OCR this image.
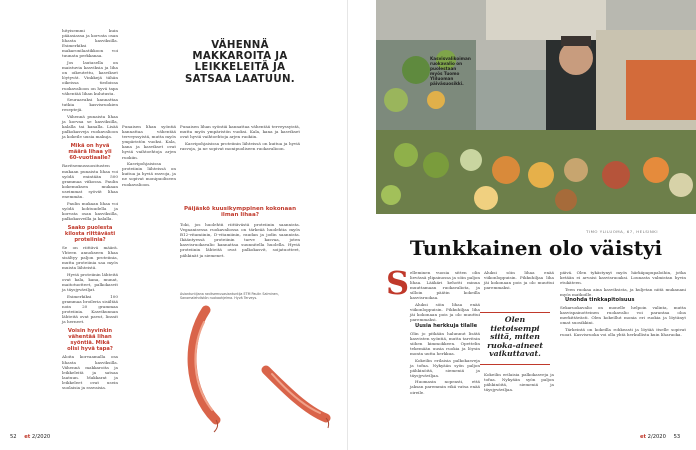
hityisemmi kuin pääasiassa ja korvata osan lihasta kasviksilla. Esimerkiksi makaronilaatikkoon voi tuunata perkkanaa.

Jos lautasella on maistuvia kasviksia ja liha on oikeutettu, kasvikset löytyvät. Vinkkejä tähän oikeissa tiedoissa ruokavalioon on hyvä tapa vähentää lihan kulutusta.

Seuraavaksi kannattaa tutkia kasvisruokien reseptejä.

Vähennä punaista lihaa ja korvaa se kasviksilla, kalalla tai kanalla. Lisää palkokasveja ruokavalioon ja kokeile uusia makuja.

Mikä on hyvä määrä lihaa yli 60-vuotiaalle?

Ravitsemussuositusten mukaan punaista lihaa voi syödä enintään 500 grammaa viikossa. Paulin kokemuksen mukaan useimmat syövät lihaa enemmän.

Paulin mukaan lihaa voi syödä kohtuudella ja korvata osan kasviksilla, palkokasveilla ja kalalla.

Saako puolesta kilosta riittävästi proteiinia?

Se on riittävä määrä. Yhteen annokseen lihaa sisältyy paljon proteiinia, mutta proteiinia saa myös muista lähteistä.

Hyviä proteiinin lähteitä ovat kala, kana, munat, maitotuotteet, palkokasvit ja täysjyväviljat.

Esimerkiksi 100 grammaa broileria sisältää noin 20 grammaa proteiinia. Kasvikunnan lähteitä ovat pavut, linssit ja herneet.

Voisin hyvinkin vähentää lihan syöntiä. Mikä olisi hyvä tapa?

Aloita korvaamalla osa lihasta kasviksilla. Vähennä makkaroita ja leikkeleitä ja satsaa laatuun. Makkarat ja leikkeleet ovat usein suolaisia ja rasvaisia.

Punaisen lihan syöntiä kannattaa vähentää terveyssyistä, mutta myös ympäristön vuoksi. Kala, kana ja kasvikset ovat hyviä vaihtoehtoja arjen ruokiin.

Kasvipohjaisissa proteiinin lähteissä on kuitua ja hyviä rasvoja, ja ne sopivat monipuoliseen ruokavalioon.

VÄHENNÄ MAKKAROITA JA LEIKKELEITÄ JA SATSAA LAATUUN.

Punaisen lihan syöntiä kannattaa vähentää terveyssyistä, mutta myös ympäristön vuoksi. Kala, kana ja kasvikset ovat hyviä vaihtoehtoja arjen ruokiin.

Kasvipohjaisissa proteiinin lähteissä on kuitua ja hyviä rasvoja, ja ne sopivat monipuoliseen ruokavalioon.

Päijäskö kuusikymppinen kokonaan ilman lihaa?
Toki, jos huolehtii riittävästä proteiinin saannista. Vegaanisessa ruokavaliossa on tärkeää huolehtia myös B12-vitamiinin, D-vitamiinin, raudan ja jodin saannista. Ikääntyessä proteiinin tarve kasvaa, joten kasvisruokavalio kannattaa suunnitella huolella. Hyviä proteiinin lähteitä ovat palkokasvit, soijatuotteet, pähkinät ja siemenet.
Asiantuntijana ravitsemusasiantuntija ETM Paulin Salminen, Sanomalehdistön ruokaohjelma. Hyvä Terveys.
52 et 2/2020
Kasvisvalikoiman ruokavalio on puolestaan myös Tuomo Yliluoman päiväsuosikki.
TIMO YLILUOMA, 67, HELSINKI
Tunkkainen olo väistyi
S elleminen vuosia sitten olin lievässä ylipainossa ja söin paljon lihaa. Lääkäri kehotti minua muuttamaan ruokavaliota, ja silloin päätin kokeilla kasvisruokaa.

Aluksi söin lihaa enää viikonloppuisin. Pikkuhiljaa liha jäi kokonaan pois ja olo muuttui paremmaksi.

Uusia herkkuja tilalle

Olin jo pitkään halunnut lisätä kasvisten syöntiä, mutta tarvitsin siihen kimmokkeen. Opettelin tekemään uusia ruokia ja löysin monta uutta herkkua.

Kokeilin erilaisia palkokasveja ja tofua. Nykyään syön paljon pähkinöitä, siemeniä ja täysjyväviljaa.

Huomasin nopeasti, että jaksan paremmin eikä vatsa enää oireile.

Aluksi söin lihaa enää viikonloppuisin. Pikkuhiljaa liha jäi kokonaan pois ja olo muuttui paremmaksi.

Olen tietoisempi siitä, miten ruoka-aineet vaikuttavat.

Kokeilin erilaisia palkokasveja ja tofua. Nykyään syön paljon pähkinöitä, siemeniä ja täysjyväviljaa.

päivä. Olen tykästynyt myös härkäpapupaloihin, jotka ketään ei arvaisi kasvisruoaksi. Lounasta valmistan hyvin etukäteen.

Teen ruokaa aina kasviksista, ja kuljetan niitä mukanani myös matkoille.

Unohda tinkkapitoisuus

Sekaruokavalio on monelle helpoin valinta, mutta kasvispainotteinen ruokavalio voi parantaa oloa merkittävästi. Olen kokeillut monia eri ruokia ja löytänyt omat suosikkini.

Tärkeintä on kokeilla rohkeasti ja löytää itselle sopivat ruoat. Kasvisruoka voi olla yhtä herkullista kuin liharuoka.

et 2/2020 53
